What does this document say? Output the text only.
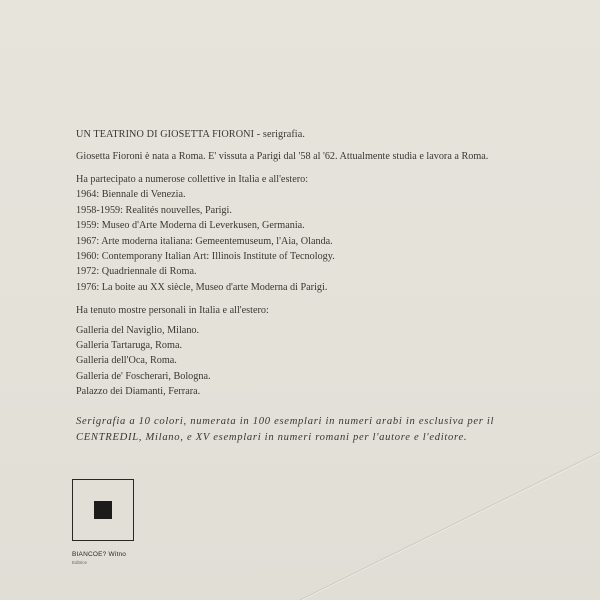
UN TEATRINO DI GIOSETTA FIORONI - serigrafia.

Giosetta Fioroni è nata a Roma. E' vissuta a Parigi dal '58 al '62. Attualmente studia e lavora a Roma.

Ha partecipato a numerose collettive in Italia e all'estero:

1964: Biennale di Venezia.

1958-1959: Realités nouvelles, Parigi.

1959: Museo d'Arte Moderna di Leverkusen, Germania.

1967: Arte moderna italiana: Gemeentemuseum, l'Aia, Olanda.

1960: Contemporany Italian Art: Illinois Institute of Tecnology.

1972: Quadriennale di Roma.

1976: La boite au XX siècle, Museo d'arte Moderna di Parigi.

Ha tenuto mostre personali in Italia e all'estero:

Galleria del Naviglio, Milano.

Galleria Tartaruga, Roma.

Galleria dell'Oca, Roma.

Galleria de' Foscherari, Bologna.

Palazzo dei Diamanti, Ferrara.

Serigrafia a 10 colori, numerata in 100 esemplari in numeri arabi in esclusiva per il
CENTREDIL, Milano, e XV esemplari in numeri romani per l'autore e l'editore.
BIANCOE? Witno
Editrice
